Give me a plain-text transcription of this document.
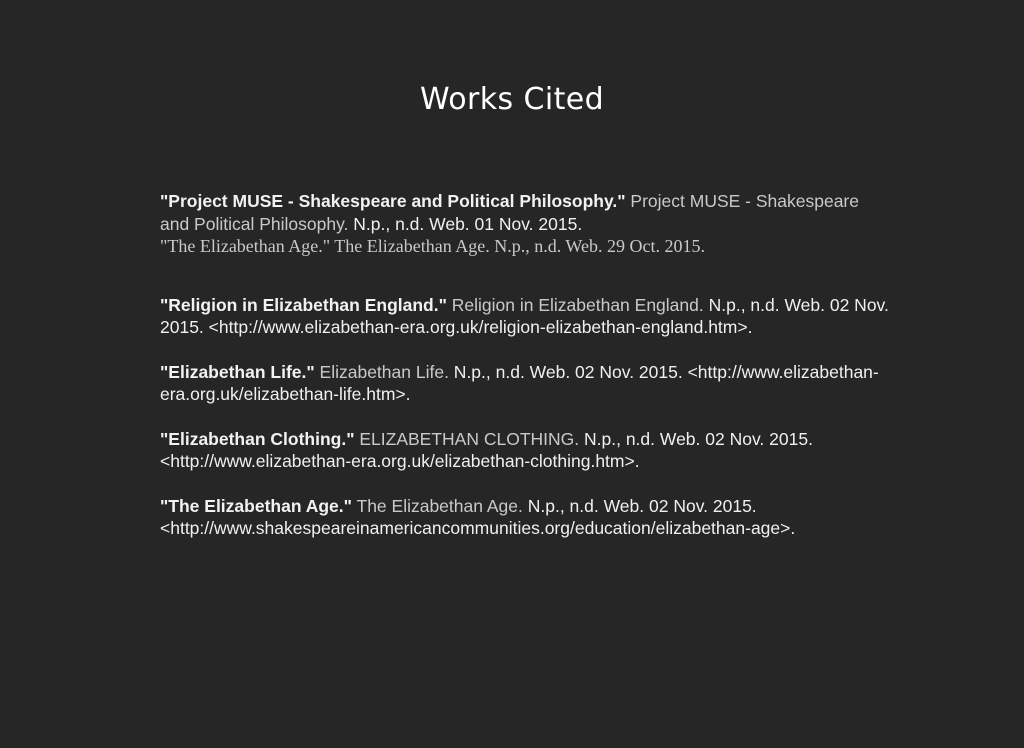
Works Cited

"Project MUSE - Shakespeare and Political Philosophy." Project MUSE - Shakespeare and Political Philosophy. N.p., n.d. Web. 01 Nov. 2015.

"The Elizabethan Age." The Elizabethan Age. N.p., n.d. Web. 29 Oct. 2015.

"Religion in Elizabethan England." Religion in Elizabethan England. N.p., n.d. Web. 02 Nov. 2015. <http://www.elizabethan-era.org.uk/religion-elizabethan-england.htm>.

"Elizabethan Life." Elizabethan Life. N.p., n.d. Web. 02 Nov. 2015. <http://www.elizabethan-era.org.uk/elizabethan-life.htm>.

"Elizabethan Clothing." ELIZABETHAN CLOTHING. N.p., n.d. Web. 02 Nov. 2015. <http://www.elizabethan-era.org.uk/elizabethan-clothing.htm>.

"The Elizabethan Age." The Elizabethan Age. N.p., n.d. Web. 02 Nov. 2015. <http://www.shakespeareinamericancommunities.org/education/elizabethan-age>.
